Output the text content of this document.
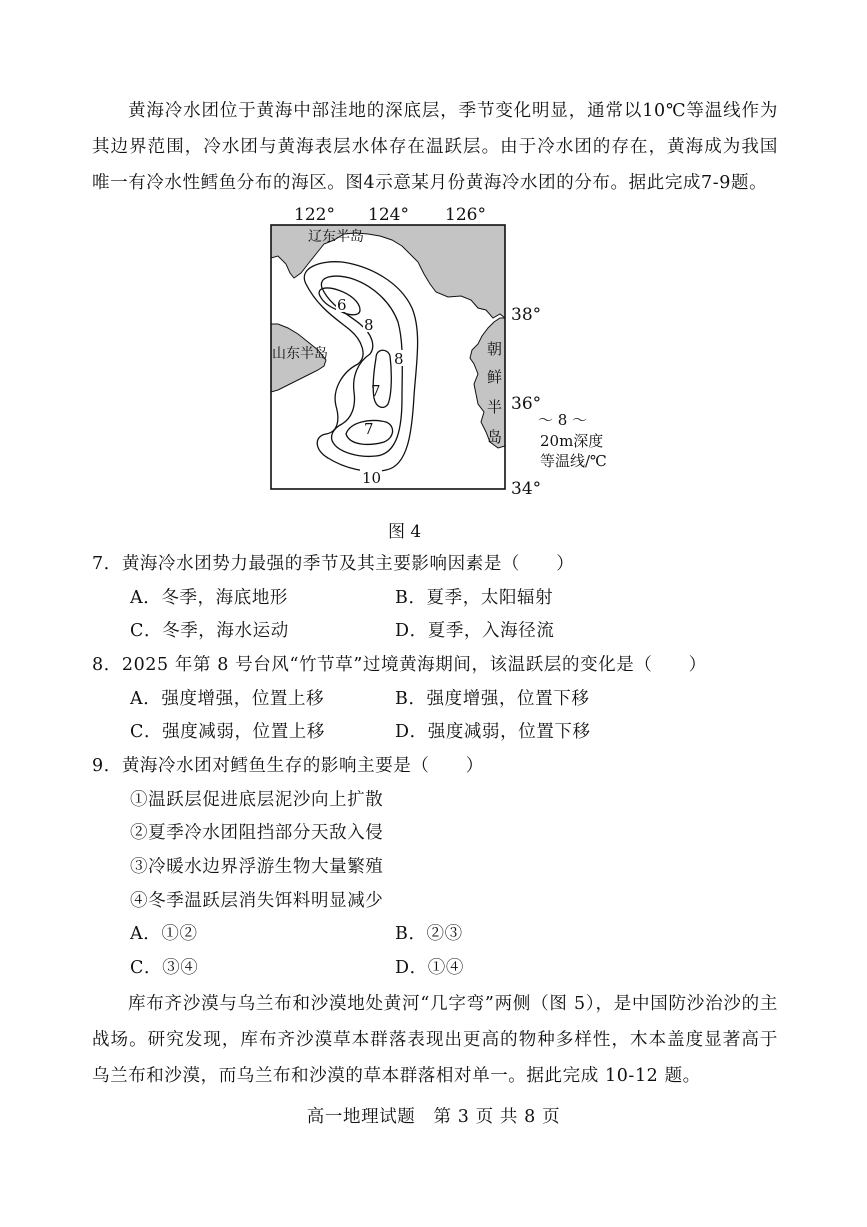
黄海冷水团位于黄海中部洼地的深底层，季节变化明显，通常以10℃等温线作为其边界范围，冷水团与黄海表层水体存在温跃层。由于冷水团的存在，黄海成为我国唯一有冷水性鳕鱼分布的海区。图4示意某月份黄海冷水团的分布。据此完成7-9题。

122° 124° 126°
6
8
8
7
7
10
辽东半岛
山东半岛	朝
鲜
半
岛
38°
36°
34°
～ 8 ～
20m深度
等温线/℃
图 4
7．黄海冷水团势力最强的季节及其主要影响因素是（　　）
A．冬季，海底地形	B．夏季，太阳辐射
C．冬季，海水运动	D．夏季，入海径流
8．2025 年第 8 号台风“竹节草”过境黄海期间，该温跃层的变化是（　　）
A．强度增强，位置上移	B．强度增强，位置下移
C．强度减弱，位置上移	D．强度减弱，位置下移
9．黄海冷水团对鳕鱼生存的影响主要是（　　）
①温跃层促进底层泥沙向上扩散
②夏季冷水团阻挡部分天敌入侵
③冷暖水边界浮游生物大量繁殖
④冬季温跃层消失饵料明显减少
A．①②	B．②③
C．③④	D．①④

库布齐沙漠与乌兰布和沙漠地处黄河“几字弯”两侧（图 5），是中国防沙治沙的主战场。研究发现，库布齐沙漠草本群落表现出更高的物种多样性，木本盖度显著高于乌兰布和沙漠，而乌兰布和沙漠的草本群落相对单一。据此完成 10-12 题。

高一地理试题　第 3 页 共 8 页
